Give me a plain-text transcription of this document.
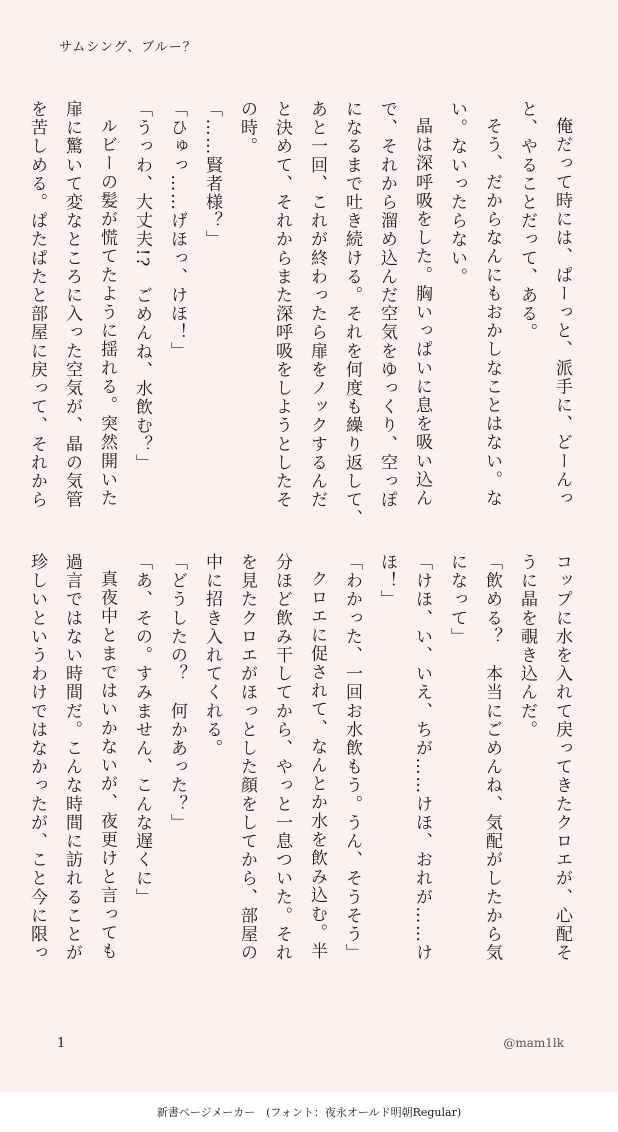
サムシング、ブルー？

俺だって時には、ぱーっと、派手に、どーんっ

と、やることだって、ある。

そう、だからなんにもおかしなことはない。な

い。ないったらない。

晶は深呼吸をした。胸いっぱいに息を吸い込ん

で、それから溜め込んだ空気をゆっくり、空っぽ

になるまで吐き続ける。それを何度も繰り返して、

あと一回、これが終わったら扉をノックするんだ

と決めて、それからまた深呼吸をしようとしたそ

の時。

「……賢者様？」

「ひゅっ……げほっ、けほ！」

「うっわ、大丈夫!?　ごめんね、水飲む？」

ルビーの髪が慌てたように揺れる。突然開いた

扉に驚いて変なところに入った空気が、晶の気管

を苦しめる。ぱたぱたと部屋に戻って、それから

コップに水を入れて戻ってきたクロエが、心配そ

うに晶を覗き込んだ。

「飲める？　本当にごめんね、気配がしたから気

になって」

「けほ、い、いえ、ちが……けほ、おれが……け

ほ！」

「わかった、一回お水飲もう。うん、そうそう」

クロエに促されて、なんとか水を飲み込む。半

分ほど飲み干してから、やっと一息ついた。それ

を見たクロエがほっとした顔をしてから、部屋の

中に招き入れてくれる。

「どうしたの？　何かあった？」

「あ、その。すみません、こんな遅くに」

真夜中とまではいかないが、夜更けと言っても

過言ではない時間だ。こんな時間に訪れることが

珍しいというわけではなかったが、こと今に限っ

1	@mam1lk
新書ページメーカー　(フォント：夜永オールド明朝Regular)
